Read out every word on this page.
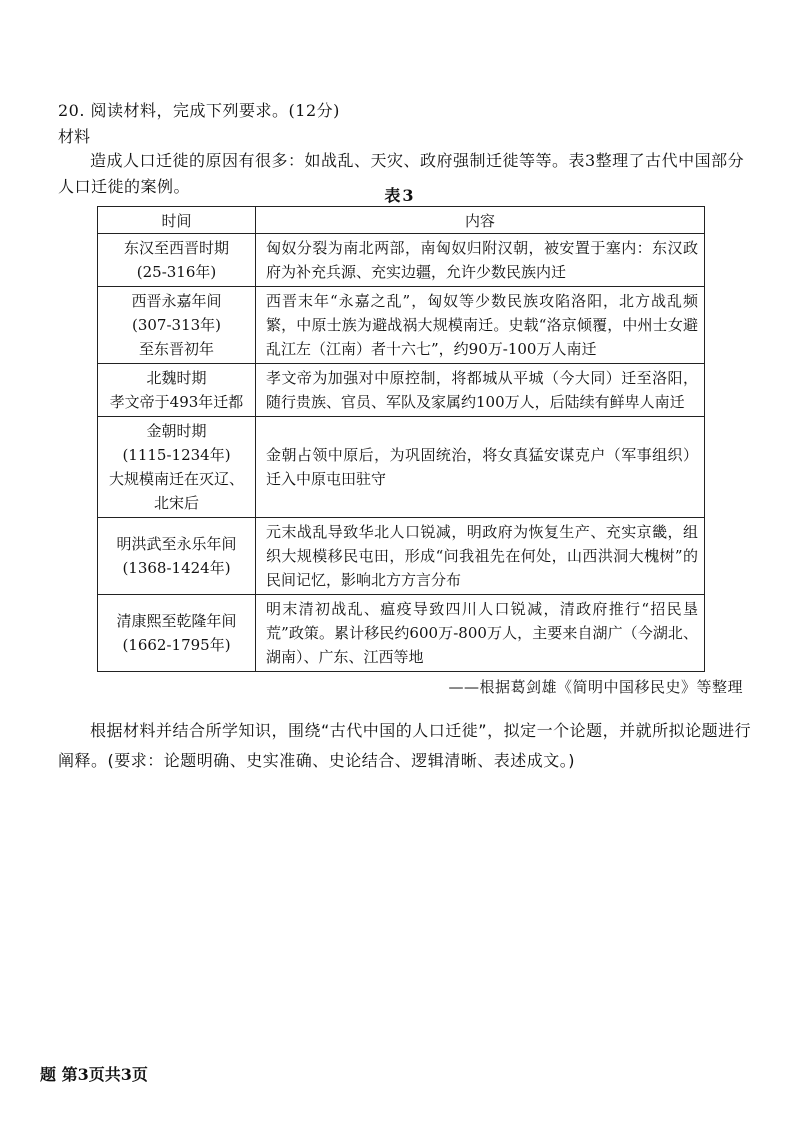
20. 阅读材料，完成下列要求。(12分)
材料
造成人口迁徙的原因有很多：如战乱、天灾、政府强制迁徙等等。表3整理了古代中国部分人口迁徙的案例。	表3
时间	内容

东汉至西晋时期
(25-316年)	匈奴分裂为南北两部，南匈奴归附汉朝，被安置于塞内：东汉政府为补充兵源、充实边疆，允许少数民族内迁

西晋永嘉年间
(307-313年)
至东晋初年	西晋末年“永嘉之乱”，匈奴等少数民族攻陷洛阳，北方战乱频繁，中原士族为避战祸大规模南迁。史载“洛京倾覆，中州士女避乱江左（江南）者十六七”，约90万-100万人南迁

北魏时期
孝文帝于493年迁都	孝文帝为加强对中原控制，将都城从平城（今大同）迁至洛阳，随行贵族、官员、军队及家属约100万人，后陆续有鲜卑人南迁

金朝时期
(1115-1234年)
大规模南迁在灭辽、
北宋后	金朝占领中原后，为巩固统治，将女真猛安谋克户（军事组织）迁入中原屯田驻守

明洪武至永乐年间
(1368-1424年)	元末战乱导致华北人口锐减，明政府为恢复生产、充实京畿，组织大规模移民屯田，形成“问我祖先在何处，山西洪洞大槐树”的民间记忆，影响北方方言分布

清康熙至乾隆年间
(1662-1795年)	明末清初战乱、瘟疫导致四川人口锐减，清政府推行“招民垦荒”政策。累计移民约600万-800万人，主要来自湖广（今湖北、湖南）、广东、江西等地
——根据葛剑雄《简明中国移民史》等整理
根据材料并结合所学知识，围绕“古代中国的人口迁徙”，拟定一个论题，并就所拟论题进行阐释。(要求：论题明确、史实准确、史论结合、逻辑清晰、表述成文。)
题 第3页共3页
